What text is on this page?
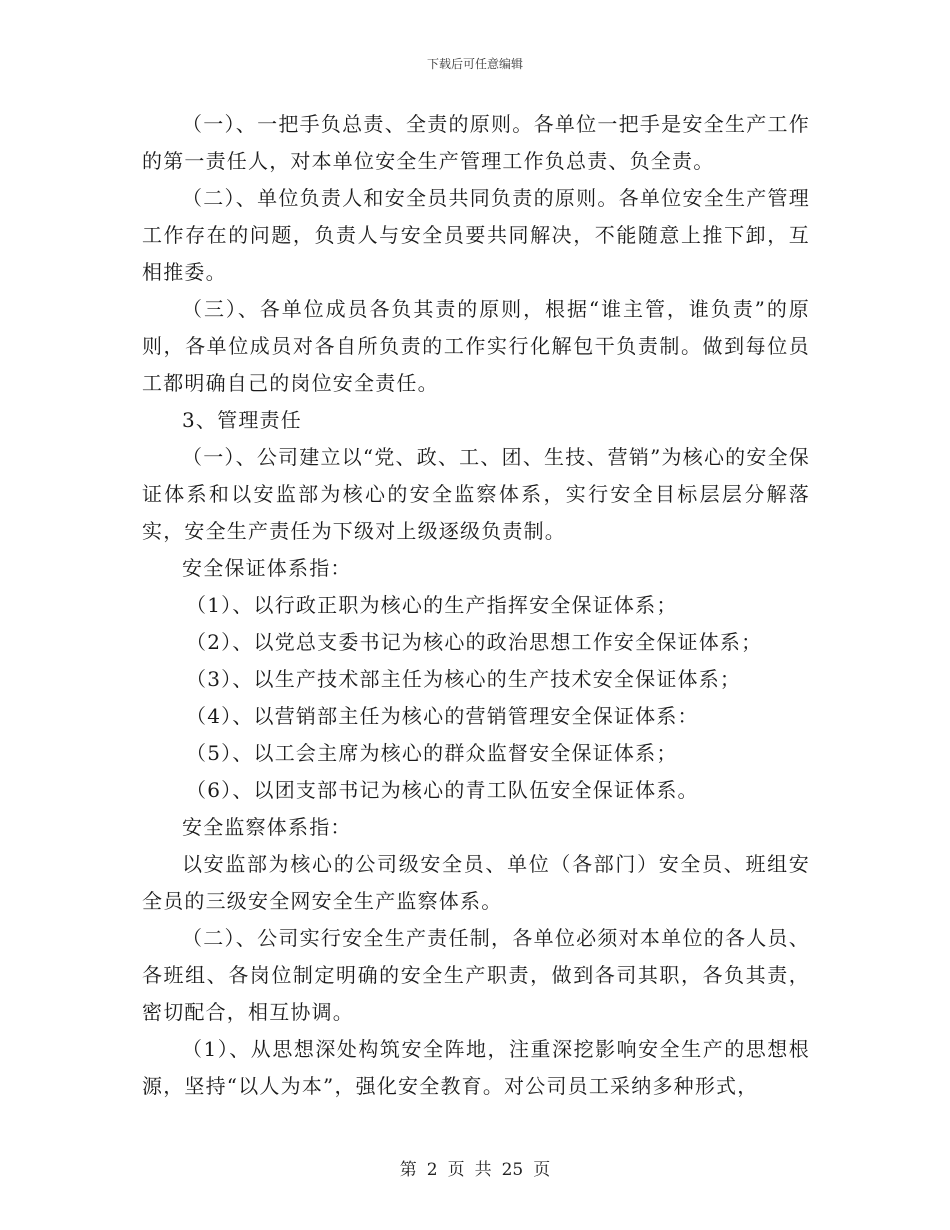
下载后可任意编辑

（一）、一把手负总责、全责的原则。各单位一把手是安全生产工作的第一责任人，对本单位安全生产管理工作负总责、负全责。

（二）、单位负责人和安全员共同负责的原则。各单位安全生产管理工作存在的问题，负责人与安全员要共同解决，不能随意上推下卸，互相推委。

（三）、各单位成员各负其责的原则，根据“谁主管，谁负责”的原则，各单位成员对各自所负责的工作实行化解包干负责制。做到每位员工都明确自己的岗位安全责任。

3、管理责任

（一）、公司建立以“党、政、工、团、生技、营销”为核心的安全保证体系和以安监部为核心的安全监察体系，实行安全目标层层分解落实，安全生产责任为下级对上级逐级负责制。

安全保证体系指：

（1）、以行政正职为核心的生产指挥安全保证体系；

（2）、以党总支委书记为核心的政治思想工作安全保证体系；

（3）、以生产技术部主任为核心的生产技术安全保证体系；

（4）、以营销部主任为核心的营销管理安全保证体系：

（5）、以工会主席为核心的群众监督安全保证体系；

（6）、以团支部书记为核心的青工队伍安全保证体系。

安全监察体系指：

以安监部为核心的公司级安全员、单位（各部门）安全员、班组安全员的三级安全网安全生产监察体系。

（二）、公司实行安全生产责任制，各单位必须对本单位的各人员、各班组、各岗位制定明确的安全生产职责，做到各司其职，各负其责，密切配合，相互协调。

（1）、从思想深处构筑安全阵地，注重深挖影响安全生产的思想根源，坚持“以人为本”，强化安全教育。对公司员工采纳多种形式，

第 2 页 共 25 页
